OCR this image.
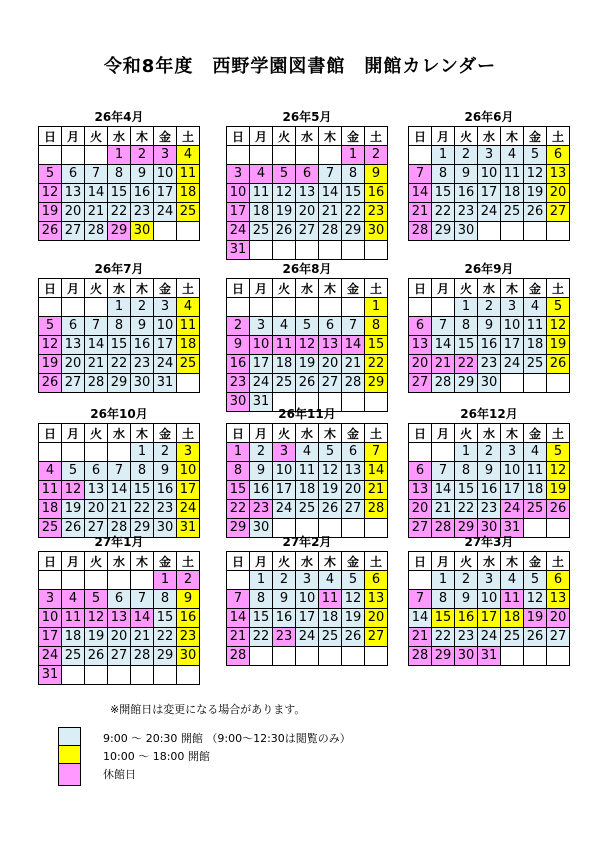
令和8年度　西野学園図書館　開館カレンダー
26年4月
日	月	火	水	木	金	土
			1	2	3	4
5	6	7	8	9	10	11
12	13	14	15	16	17	18
19	20	21	22	23	24	25
26	27	28	29	30		
26年5月
日	月	火	水	木	金	土
					1	2
3	4	5	6	7	8	9
10	11	12	13	14	15	16
17	18	19	20	21	22	23
24	25	26	27	28	29	30
31						
26年6月
日	月	火	水	木	金	土
	1	2	3	4	5	6
7	8	9	10	11	12	13
14	15	16	17	18	19	20
21	22	23	24	25	26	27
28	29	30				
26年7月
日	月	火	水	木	金	土
			1	2	3	4
5	6	7	8	9	10	11
12	13	14	15	16	17	18
19	20	21	22	23	24	25
26	27	28	29	30	31	
26年8月
日	月	火	水	木	金	土
						1
2	3	4	5	6	7	8
9	10	11	12	13	14	15
16	17	18	19	20	21	22
23	24	25	26	27	28	29
30	31					
26年9月
日	月	火	水	木	金	土
		1	2	3	4	5
6	7	8	9	10	11	12
13	14	15	16	17	18	19
20	21	22	23	24	25	26
27	28	29	30			
26年10月
日	月	火	水	木	金	土
				1	2	3
4	5	6	7	8	9	10
11	12	13	14	15	16	17
18	19	20	21	22	23	24
25	26	27	28	29	30	31
26年11月
日	月	火	水	木	金	土
1	2	3	4	5	6	7
8	9	10	11	12	13	14
15	16	17	18	19	20	21
22	23	24	25	26	27	28
29	30					
26年12月
日	月	火	水	木	金	土
		1	2	3	4	5
6	7	8	9	10	11	12
13	14	15	16	17	18	19
20	21	22	23	24	25	26
27	28	29	30	31		
27年1月
日	月	火	水	木	金	土
					1	2
3	4	5	6	7	8	9
10	11	12	13	14	15	16
17	18	19	20	21	22	23
24	25	26	27	28	29	30
31						
27年2月
日	月	火	水	木	金	土
	1	2	3	4	5	6
7	8	9	10	11	12	13
14	15	16	17	18	19	20
21	22	23	24	25	26	27
28						
27年3月
日	月	火	水	木	金	土
	1	2	3	4	5	6
7	8	9	10	11	12	13
14	15	16	17	18	19	20
21	22	23	24	25	26	27
28	29	30	31			
※開館日は変更になる場合があります。
9:00 〜 20:30 開館 （9:00〜12:30は閲覧のみ）
10:00 〜 18:00 開館
休館日
